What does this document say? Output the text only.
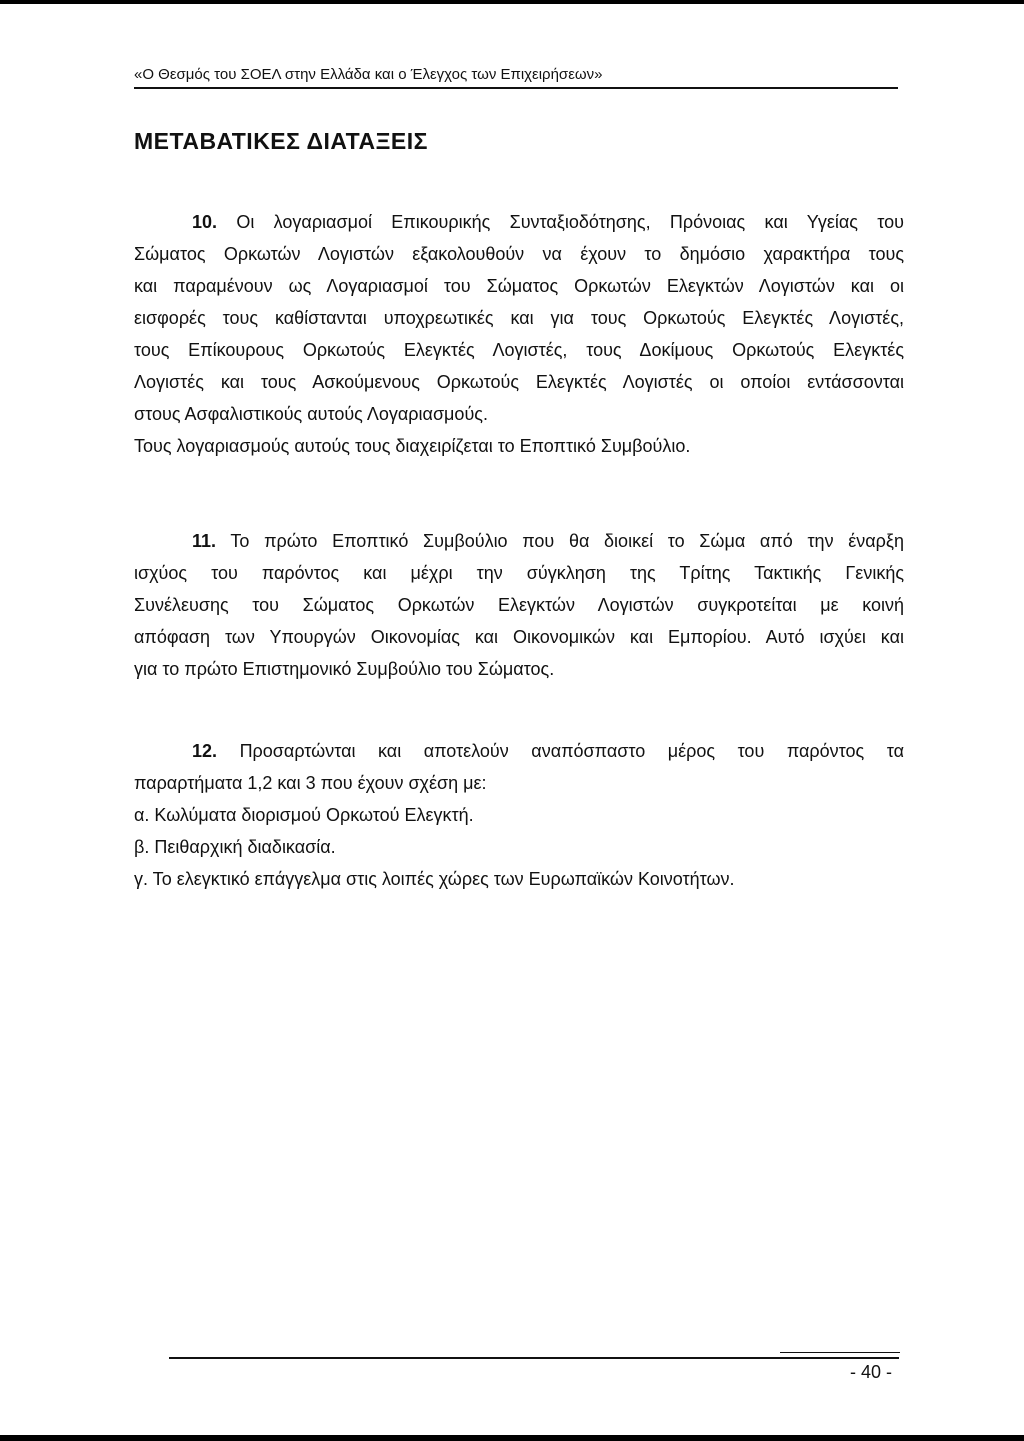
«Ο Θεσμός του ΣΟΕΛ στην Ελλάδα και ο Έλεγχος των Επιχειρήσεων»
ΜΕΤΑΒΑΤΙΚΕΣ ΔΙΑΤΑΞΕΙΣ
10. Οι λογαριασμοί Επικουρικής Συνταξιοδότησης, Πρόνοιας και Υγείας του
Σώματος Ορκωτών Λογιστών εξακολουθούν να έχουν το δημόσιο χαρακτήρα τους
και παραμένουν ως Λογαριασμοί του Σώματος Ορκωτών Ελεγκτών Λογιστών και οι
εισφορές τους καθίστανται υποχρεωτικές και για τους Ορκωτούς Ελεγκτές Λογιστές,
τους Επίκουρους Ορκωτούς Ελεγκτές Λογιστές, τους Δοκίμους Ορκωτούς Ελεγκτές
Λογιστές και τους Ασκούμενους Ορκωτούς Ελεγκτές Λογιστές οι οποίοι εντάσσονται
στους Ασφαλιστικούς αυτούς Λογαριασμούς.
Τους λογαριασμούς αυτούς τους διαχειρίζεται το Εποπτικό Συμβούλιο.
11. Το πρώτο Εποπτικό Συμβούλιο που θα διοικεί το Σώμα από την έναρξη
ισχύος του παρόντος και μέχρι την σύγκληση της Τρίτης Τακτικής Γενικής
Συνέλευσης του Σώματος Ορκωτών Ελεγκτών Λογιστών συγκροτείται με κοινή
απόφαση των Υπουργών Οικονομίας και Οικονομικών και Εμπορίου. Αυτό ισχύει και
για το πρώτο Επιστημονικό Συμβούλιο του Σώματος.
12. Προσαρτώνται και αποτελούν αναπόσπαστο μέρος του παρόντος τα
παραρτήματα 1,2 και 3 που έχουν σχέση με:
α. Κωλύματα διορισμού Ορκωτού Ελεγκτή.
β. Πειθαρχική διαδικασία.
γ. Το ελεγκτικό επάγγελμα στις λοιπές χώρες των Ευρωπαϊκών Κοινοτήτων.
- 40 -
